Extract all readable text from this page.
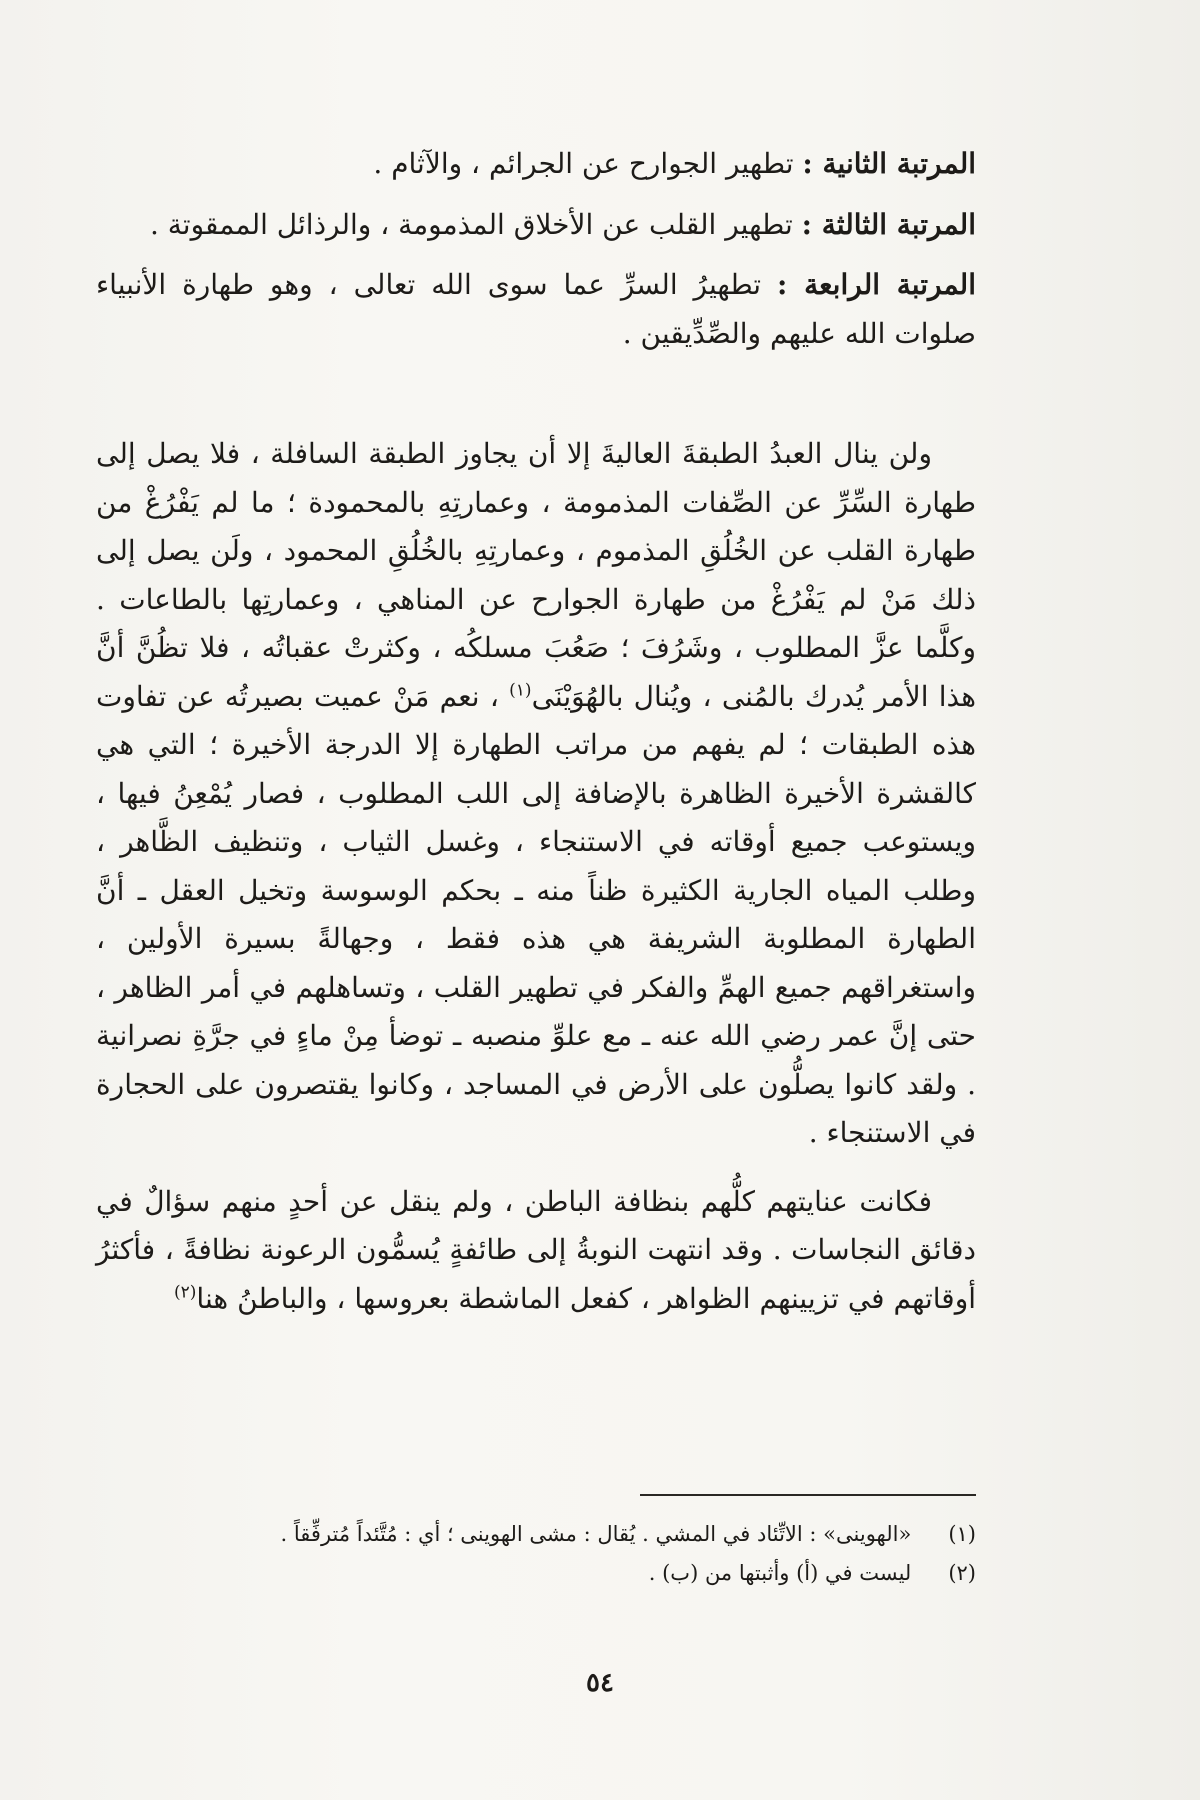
المرتبة الثانية : تطهير الجوارح عن الجرائم ، والآثام .

المرتبة الثالثة : تطهير القلب عن الأخلاق المذمومة ، والرذائل الممقوتة .

المرتبة الرابعة : تطهيرُ السرِّ عما سوى الله تعالى ، وهو طهارة الأنبياء صلوات الله عليهم والصِّدِّيقين .

ولن ينال العبدُ الطبقةَ العاليةَ إلا أن يجاوز الطبقة السافلة ، فلا يصل إلى طهارة السِّرِّ عن الصِّفات المذمومة ، وعمارتِهِ بالمحمودة ؛ ما لم يَفْرُغْ من طهارة القلب عن الخُلُقِ المذموم ، وعمارتِهِ بالخُلُقِ المحمود ، ولَن يصل إلى ذلك مَنْ لم يَفْرُغْ من طهارة الجوارح عن المناهي ، وعمارتِها بالطاعات . وكلَّما عزَّ المطلوب ، وشَرُفَ ؛ صَعُبَ مسلكُه ، وكثرتْ عقباتُه ، فلا تظُنَّ أنَّ هذا الأمر يُدرك بالمُنى ، ويُنال بالهُوَيْنَى$^{(١)}$ ، نعم مَنْ عميت بصيرتُه عن تفاوت هذه الطبقات ؛ لم يفهم من مراتب الطهارة إلا الدرجة الأخيرة ؛ التي هي كالقشرة الأخيرة الظاهرة بالإضافة إلى اللب المطلوب ، فصار يُمْعِنُ فيها ، ويستوعب جميع أوقاته في الاستنجاء ، وغسل الثياب ، وتنظيف الظَّاهر ، وطلب المياه الجارية الكثيرة ظناً منه ـ بحكم الوسوسة وتخيل العقل ـ أنَّ الطهارة المطلوبة الشريفة هي هذه فقط ، وجهالةً بسيرة الأولين ، واستغراقهم جميع الهمِّ والفكر في تطهير القلب ، وتساهلهم في أمر الظاهر ، حتى إنَّ عمر رضي الله عنه ـ مع علوِّ منصبه ـ توضأ مِنْ ماءٍ في جرَّةِ نصرانية . ولقد كانوا يصلُّون على الأرض في المساجد ، وكانوا يقتصرون على الحجارة في الاستنجاء .

فكانت عنايتهم كلُّهم بنظافة الباطن ، ولم ينقل عن أحدٍ منهم سؤالٌ في دقائق النجاسات . وقد انتهت النوبةُ إلى طائفةٍ يُسمُّون الرعونة نظافةً ، فأكثرُ أوقاتهم في تزيينهم الظواهر ، كفعل الماشطة بعروسها ، والباطنُ هنا$^{(٢)}$

(١) «الهوينى» : الاتِّئاد في المشي . يُقال : مشى الهوينى ؛ أي : مُتَّئداً مُترفِّقاً .
(٢) ليست في (أ) وأثبتها من (ب) .
٥٤
